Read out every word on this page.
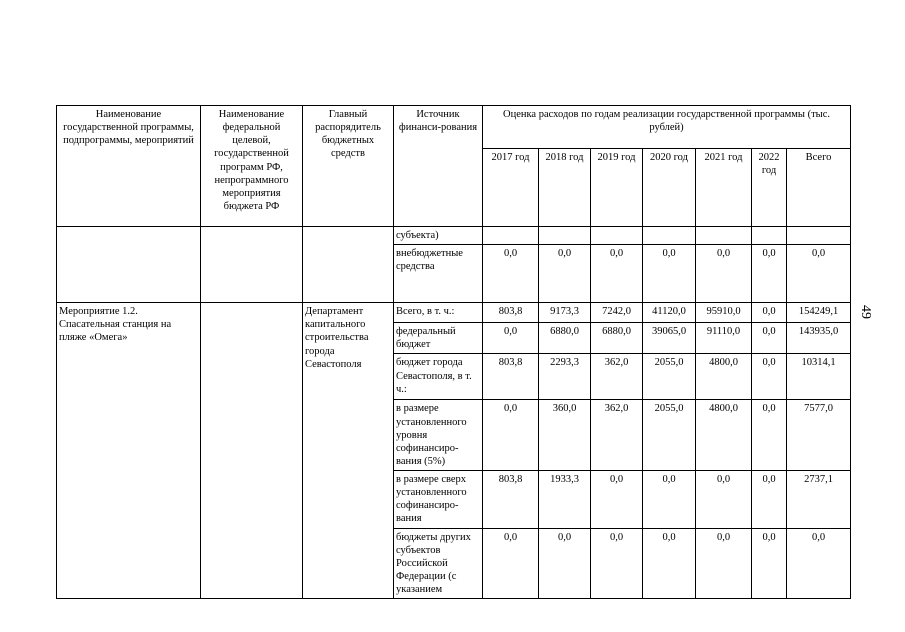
Наименование государственной программы, подпрограммы, мероприятий	Наименование федеральной целевой, государственной программ РФ, непрограммного мероприятия бюджета РФ	Главный распорядитель бюджетных средств	Источник финанси-рования	Оценка расходов по годам реализации государственной программы (тыс. рублей)						
				2017 год	2018 год	2019 год	2020 год	2021 год	2022 год	Всего
			субъекта)							
			внебюджетные средства	0,0	0,0	0,0	0,0	0,0	0,0	0,0
Мероприятие 1.2. Спасательная станция на пляже «Омега»		Департамент капитального строительства города Севастополя	Всего, в т. ч.:	803,8	9173,3	7242,0	41120,0	95910,0	0,0	154249,1
			федеральный бюджет	0,0	6880,0	6880,0	39065,0	91110,0	0,0	143935,0
			бюджет города Севастополя, в т. ч.:	803,8	2293,3	362,0	2055,0	4800,0	0,0	10314,1
			в размере установленного уровня софинансиро-вания (5%)	0,0	360,0	362,0	2055,0	4800,0	0,0	7577,0
			в размере сверх установленного софинансиро-вания	803,8	1933,3	0,0	0,0	0,0	0,0	2737,1
			бюджеты других субъектов Российской Федерации (с указанием	0,0	0,0	0,0	0,0	0,0	0,0	0,0
49
